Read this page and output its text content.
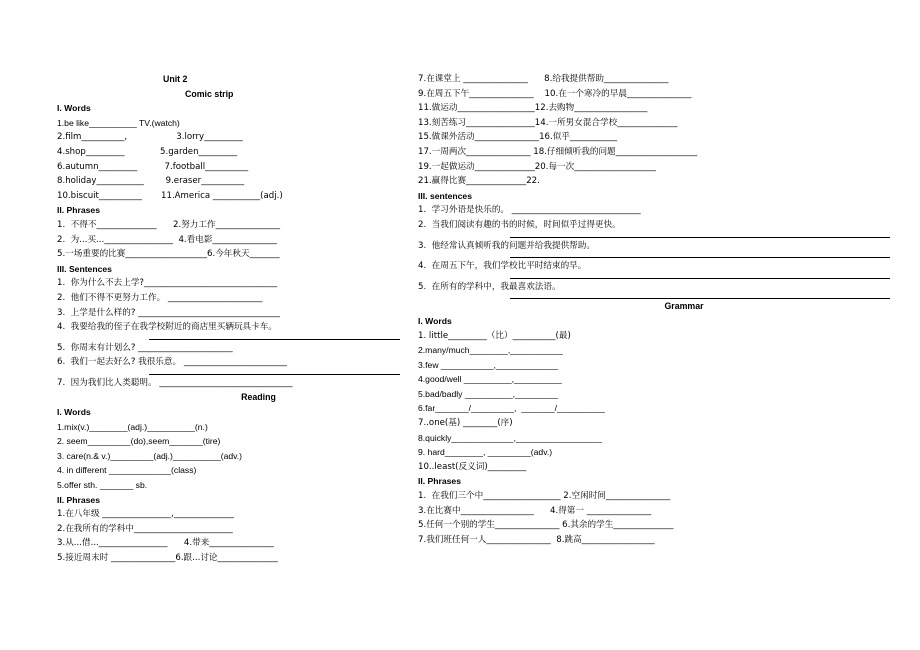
Unit 2
Comic strip
I. Words
1.be like__________ TV.(watch)
2.film__________,                  3.lorry_________
4.shop_________             5.garden_________
6.autumn_________          7.football__________
8.holiday___________        9.eraser__________
10.biscuit__________       11.America ___________(adj.)
II. Phrases
1.  不得不______________      2.努力工作_______________
2.  为...买...________________  4.看电影_______________
5.一场重要的比赛___________________6.今年秋天_______
III. Sentences
1.  你为什么不去上学?_______________________________
2.  他们不得不更努力工作。 ______________________
3.  上学是什么样的? _________________________________
4.  我要给我的侄子在我学校附近的商店里买辆玩具卡车。
5.  你周末有计划么? ______________________
6.  我们一起去好么? 我很乐意。 ________________________
7.  因为我们比人类聪明。 _______________________________
Reading
I. Words
1.mix(v.)________(adj.)__________(n.)
2. seem_________(do),seem_______(tire)
3. care(n.& v.)_________(adj.)__________(adv.)
4. in different _____________(class)
5.offer sth. _______ sb.
II. Phrases
1.在八年级 ________________,______________
2.在我所有的学科中_______________________
3.从...借...________________      4.带来_______________
5.接近周末时 _______________6.跟...讨论______________
7.在课堂上 _______________      8.给我提供帮助_______________
9.在周五下午_______________    10.在一个寒冷的早晨_______________
11.做运动__________________12.去购物_________________
13.刻苦练习________________14.一所男女混合学校______________
15.做课外活动_______________16.似乎___________
17.一周两次_______________ 18.仔细倾听我的问题___________________
19.一起做运动______________20.每一次___________________
21.赢得比赛______________22.
III. sentences
1.  学习外语是快乐的。 ______________________________
2.  当我们阅读有趣的书的时候，时间似乎过得更快。
3.  他经常认真倾听我的问题并给我提供帮助。
4.  在周五下午，我们学校比平时结束的早。
5.  在所有的学科中，我最喜欢法语。
Grammar
I. Words
1. little_________（比）__________(最)
2.many/much________,___________
3.few ___________,_____________
4.good/well __________,__________
5.bad/badly __________,_________
6.far_______/_________,  _______/__________
7..one(基) ________(序)
8.quickly_____________,__________________
9. hard________, _________(adv.)
10..least(反义词)_________
II. Phrases
1.  在我们三个中__________________ 2.空闲时间_______________
3.在比赛中_________________      4.得第一 _______________
5.任何一个别的学生_______________ 6.其余的学生______________
7.我们班任何一人_______________  8.跳高_________________
